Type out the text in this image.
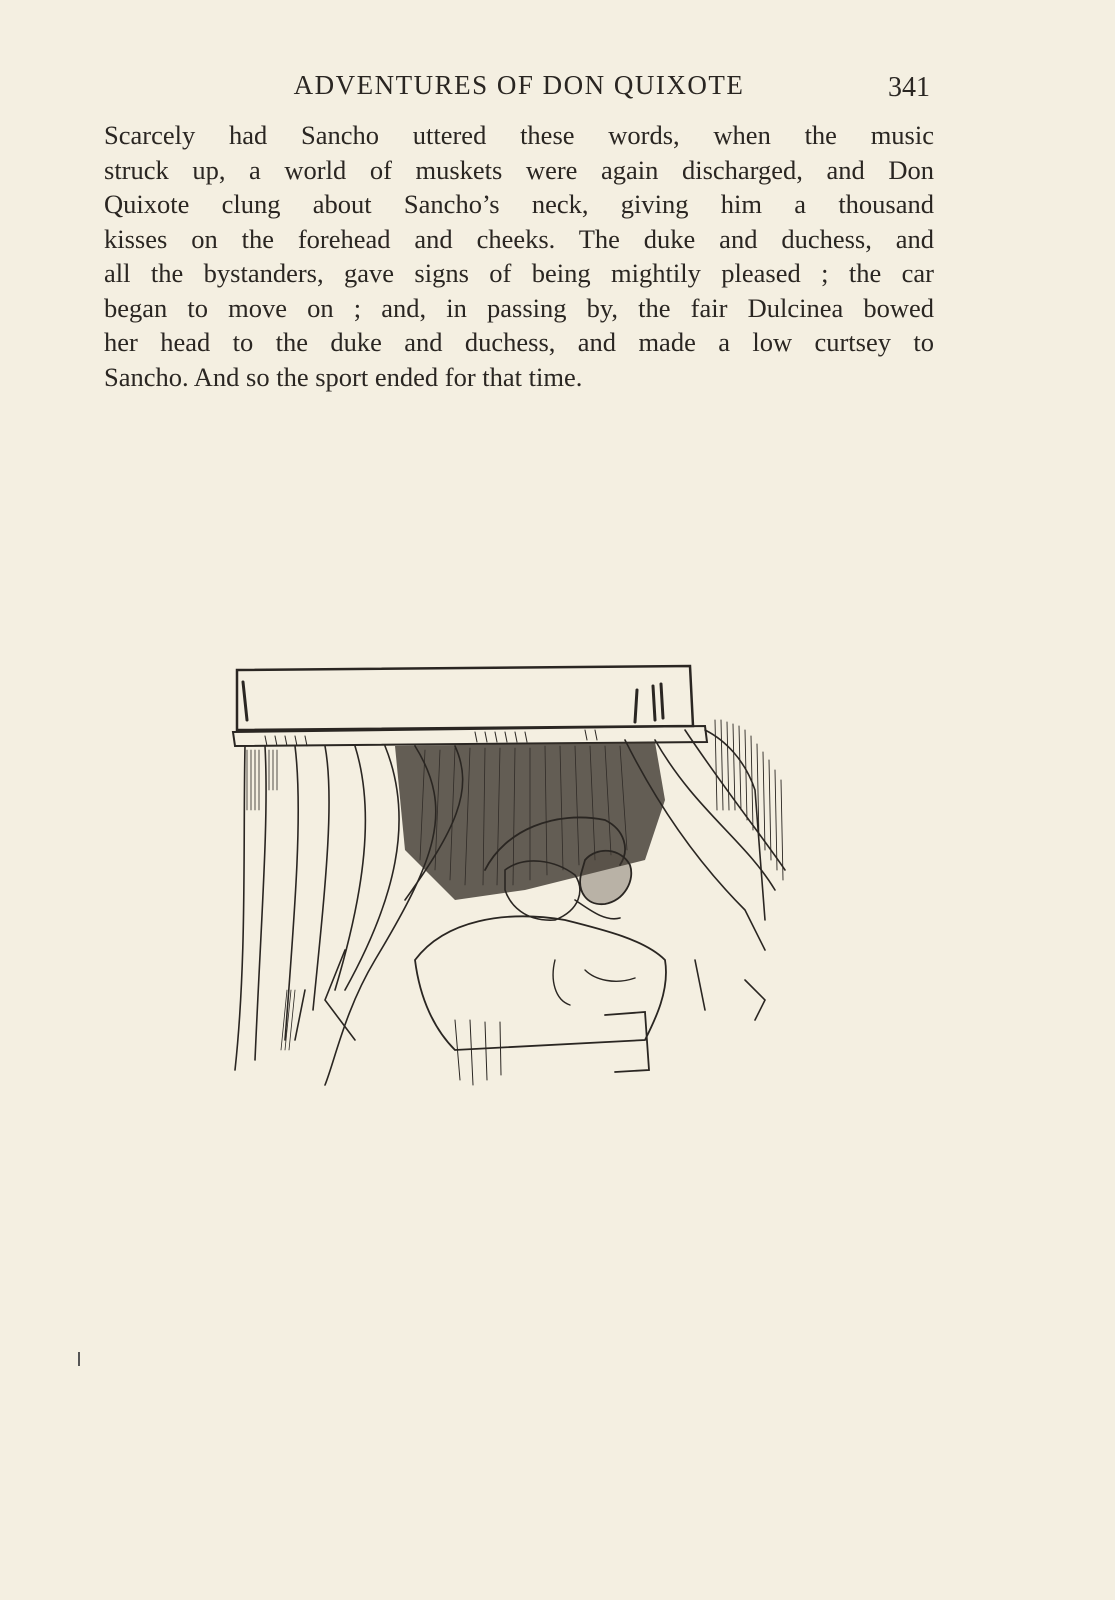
ADVENTURES OF DON QUIXOTE	341

Scarcely had Sancho uttered these words, when the music
struck up, a world of muskets were again discharged, and Don
Quixote clung about Sancho’s neck, giving him a thousand
kisses on the forehead and cheeks. The duke and duchess, and
all the bystanders, gave signs of being mightily pleased ; the car
began to move on ; and, in passing by, the fair Dulcinea bowed
her head to the duke and duchess, and made a low curtsey to
Sancho. And so the sport ended for that time.
